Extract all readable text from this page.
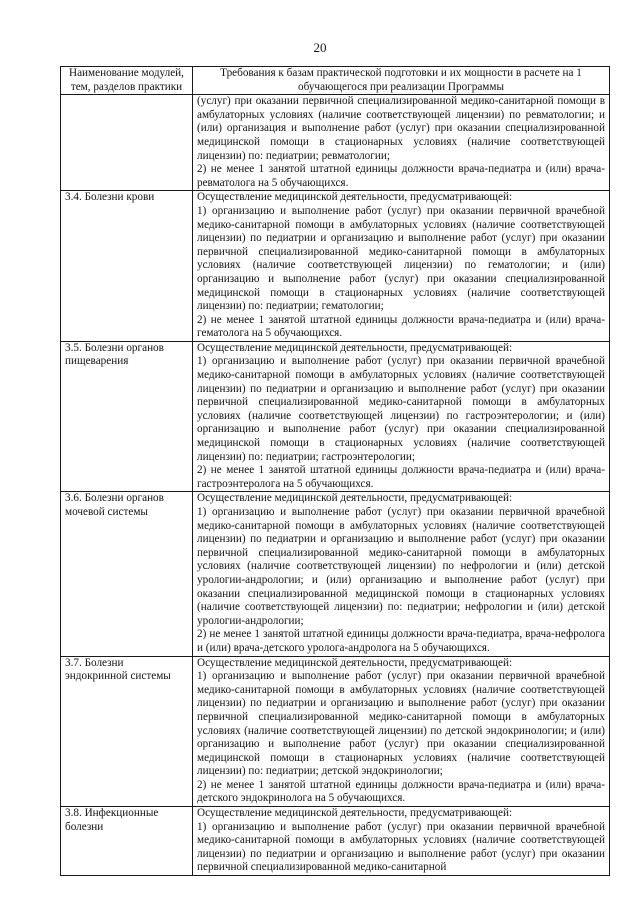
20
Наименование модулей, тем, разделов практики	Требования к базам практической подготовки и их мощности в расчете на 1 обучающегося при реализации Программы

	(услуг) при оказании первичной специализированной медико-санитарной помощи в амбулаторных условиях (наличие соответствующей лицензии) по ревматологии; и (или) организация и выполнение работ (услуг) при оказании специализированной медицинской помощи в стационарных условиях (наличие соответствующей лицензии) по: педиатрии; ревматологии;
2) не менее 1 занятой штатной единицы должности врача-педиатра и (или) врача-ревматолога на 5 обучающихся.

3.4. Болезни крови	Осуществление медицинской деятельности, предусматривающей:
1) организацию и выполнение работ (услуг) при оказании первичной врачебной медико-санитарной помощи в амбулаторных условиях (наличие соответствующей лицензии) по педиатрии и организацию и выполнение работ (услуг) при оказании первичной специализированной медико-санитарной помощи в амбулаторных условиях (наличие соответствующей лицензии) по гематологии; и (или) организацию и выполнение работ (услуг) при оказании специализированной медицинской помощи в стационарных условиях (наличие соответствующей лицензии) по: педиатрии; гематологии;
2) не менее 1 занятой штатной единицы должности врача-педиатра и (или) врача-гематолога на 5 обучающихся.

3.5. Болезни органов пищеварения	Осуществление медицинской деятельности, предусматривающей:
1) организацию и выполнение работ (услуг) при оказании первичной врачебной медико-санитарной помощи в амбулаторных условиях (наличие соответствующей лицензии) по педиатрии и организацию и выполнение работ (услуг) при оказании первичной специализированной медико-санитарной помощи в амбулаторных условиях (наличие соответствующей лицензии) по гастроэнтерологии; и (или) организацию и выполнение работ (услуг) при оказании специализированной медицинской помощи в стационарных условиях (наличие соответствующей лицензии) по: педиатрии; гастроэнтерологии;
2) не менее 1 занятой штатной единицы должности врача-педиатра и (или) врача-гастроэнтеролога на 5 обучающихся.

3.6. Болезни органов мочевой системы	Осуществление медицинской деятельности, предусматривающей:
1) организацию и выполнение работ (услуг) при оказании первичной врачебной медико-санитарной помощи в амбулаторных условиях (наличие соответствующей лицензии) по педиатрии и организацию и выполнение работ (услуг) при оказании первичной специализированной медико-санитарной помощи в амбулаторных условиях (наличие соответствующей лицензии) по нефрологии и (или) детской урологии-андрологии; и (или) организацию и выполнение работ (услуг) при оказании специализированной медицинской помощи в стационарных условиях (наличие соответствующей лицензии) по: педиатрии; нефрологии и (или) детской урологии-андрологии;
2) не менее 1 занятой штатной единицы должности врача-педиатра, врача-нефролога и (или) врача-детского уролога-андролога на 5 обучающихся.

3.7. Болезни эндокринной системы	Осуществление медицинской деятельности, предусматривающей:
1) организацию и выполнение работ (услуг) при оказании первичной врачебной медико-санитарной помощи в амбулаторных условиях (наличие соответствующей лицензии) по педиатрии и организацию и выполнение работ (услуг) при оказании первичной специализированной медико-санитарной помощи в амбулаторных условиях (наличие соответствующей лицензии) по детской эндокринологии; и (или) организацию и выполнение работ (услуг) при оказании специализированной медицинской помощи в стационарных условиях (наличие соответствующей лицензии) по: педиатрии; детской эндокринологии;
2) не менее 1 занятой штатной единицы должности врача-педиатра и (или) врача-детского эндокринолога на 5 обучающихся.

3.8. Инфекционные болезни	Осуществление медицинской деятельности, предусматривающей:
1) организацию и выполнение работ (услуг) при оказании первичной врачебной медико-санитарной помощи в амбулаторных условиях (наличие соответствующей лицензии) по педиатрии и организацию и выполнение работ (услуг) при оказании первичной специализированной медико-санитарной
